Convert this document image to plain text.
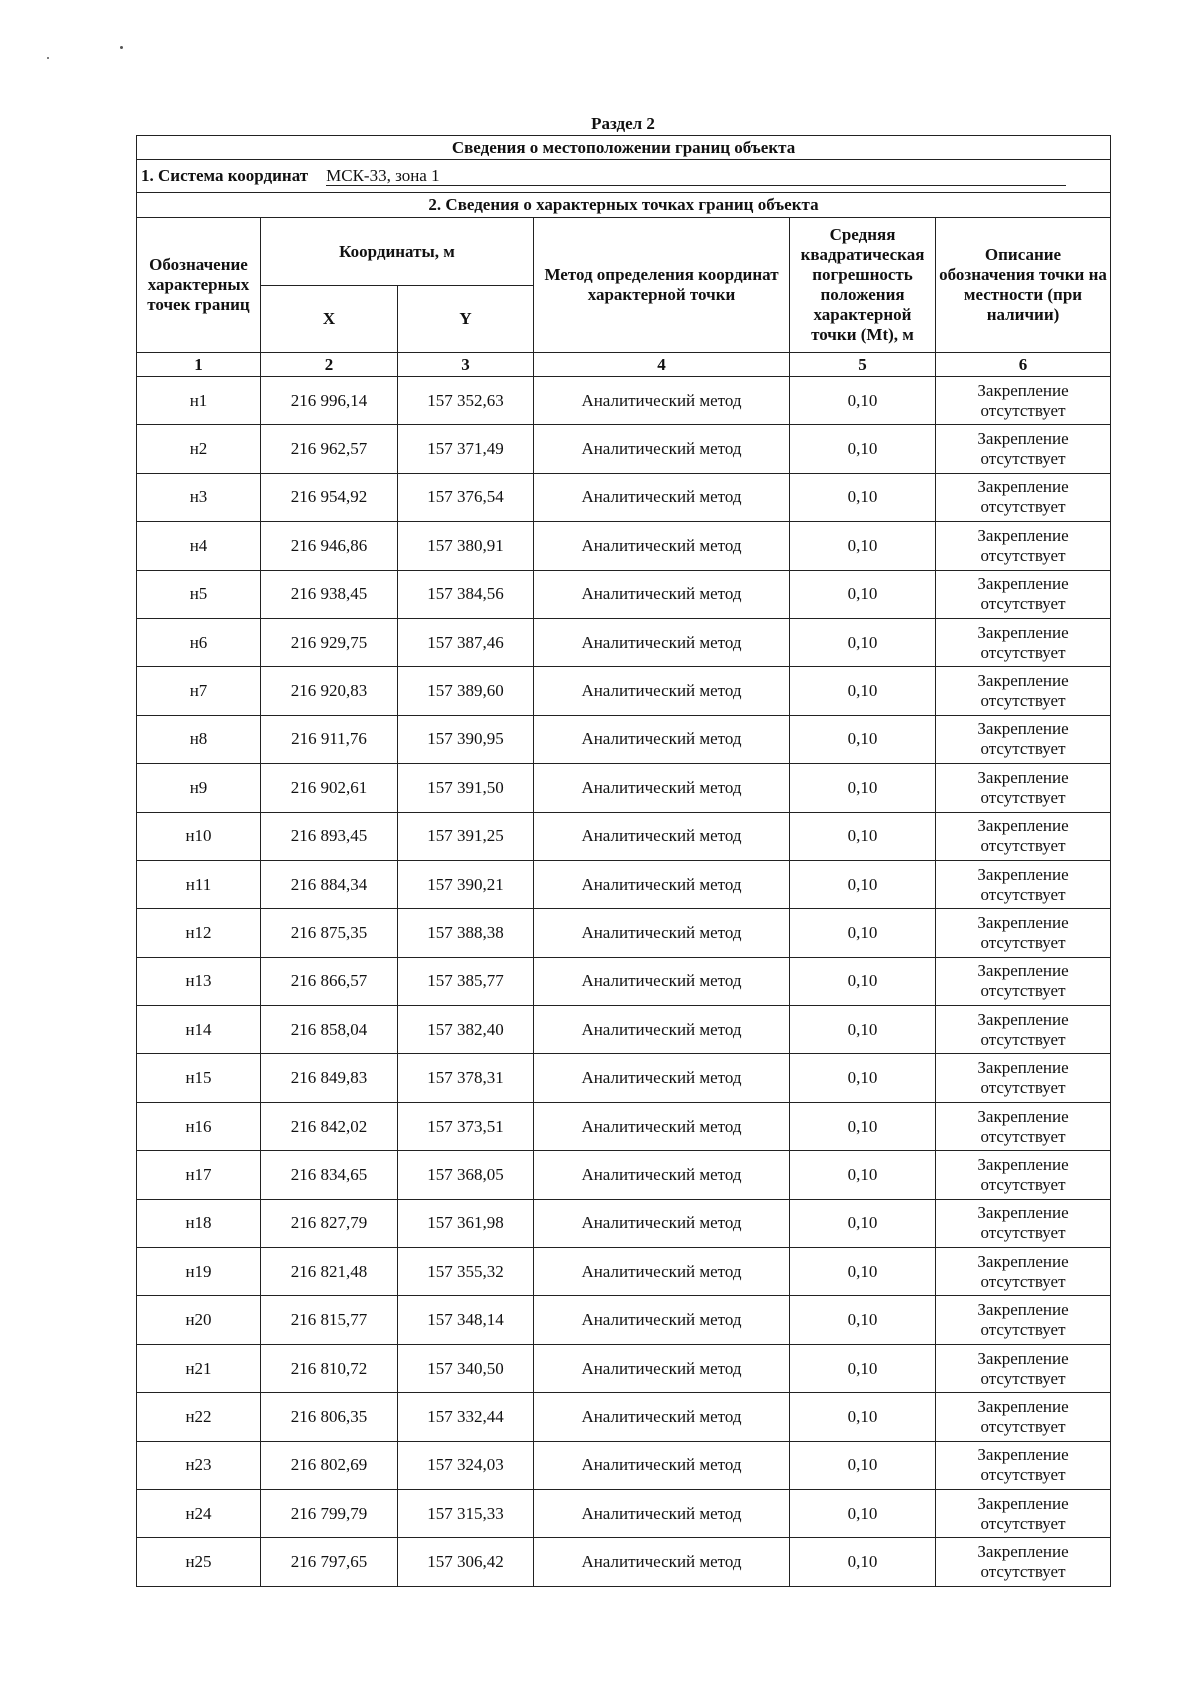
Раздел 2
Сведения о местоположении границ объекта					
1. Система координат МСК-33, зона 1					
2. Сведения о характерных точках границ объекта					
Обозначение характерных точек границ	Координаты, м		Метод определения координат характерной точки	Средняя квадратическая погрешность положения характерной точки (Mt), м	Описание обозначения точки на местности (при наличии)
	X	Y			
1	2	3	4	5	6
н1	216 996,14	157 352,63	Аналитический метод	0,10	Закрепление отсутствует
н2	216 962,57	157 371,49	Аналитический метод	0,10	Закрепление отсутствует
н3	216 954,92	157 376,54	Аналитический метод	0,10	Закрепление отсутствует
н4	216 946,86	157 380,91	Аналитический метод	0,10	Закрепление отсутствует
н5	216 938,45	157 384,56	Аналитический метод	0,10	Закрепление отсутствует
н6	216 929,75	157 387,46	Аналитический метод	0,10	Закрепление отсутствует
н7	216 920,83	157 389,60	Аналитический метод	0,10	Закрепление отсутствует
н8	216 911,76	157 390,95	Аналитический метод	0,10	Закрепление отсутствует
н9	216 902,61	157 391,50	Аналитический метод	0,10	Закрепление отсутствует
н10	216 893,45	157 391,25	Аналитический метод	0,10	Закрепление отсутствует
н11	216 884,34	157 390,21	Аналитический метод	0,10	Закрепление отсутствует
н12	216 875,35	157 388,38	Аналитический метод	0,10	Закрепление отсутствует
н13	216 866,57	157 385,77	Аналитический метод	0,10	Закрепление отсутствует
н14	216 858,04	157 382,40	Аналитический метод	0,10	Закрепление отсутствует
н15	216 849,83	157 378,31	Аналитический метод	0,10	Закрепление отсутствует
н16	216 842,02	157 373,51	Аналитический метод	0,10	Закрепление отсутствует
н17	216 834,65	157 368,05	Аналитический метод	0,10	Закрепление отсутствует
н18	216 827,79	157 361,98	Аналитический метод	0,10	Закрепление отсутствует
н19	216 821,48	157 355,32	Аналитический метод	0,10	Закрепление отсутствует
н20	216 815,77	157 348,14	Аналитический метод	0,10	Закрепление отсутствует
н21	216 810,72	157 340,50	Аналитический метод	0,10	Закрепление отсутствует
н22	216 806,35	157 332,44	Аналитический метод	0,10	Закрепление отсутствует
н23	216 802,69	157 324,03	Аналитический метод	0,10	Закрепление отсутствует
н24	216 799,79	157 315,33	Аналитический метод	0,10	Закрепление отсутствует
н25	216 797,65	157 306,42	Аналитический метод	0,10	Закрепление отсутствует
